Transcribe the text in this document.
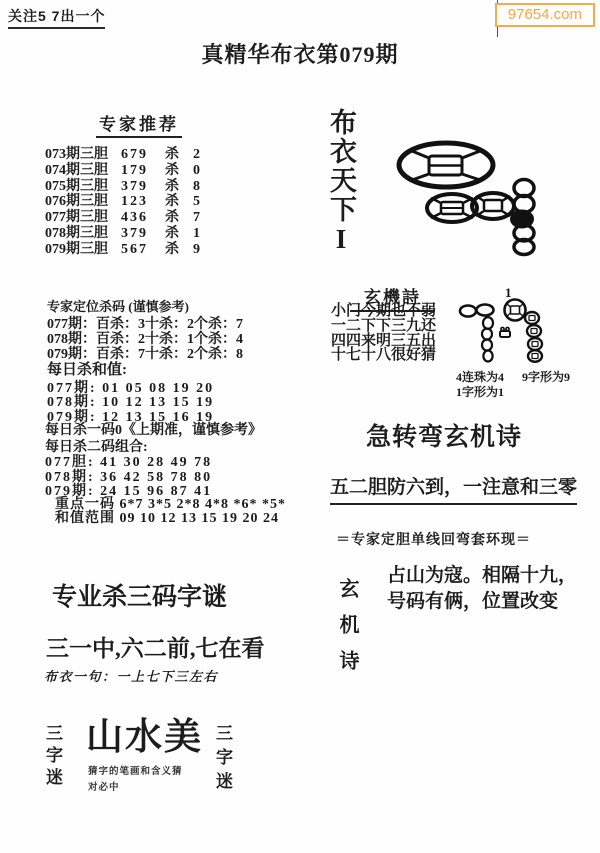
关注5 7出一个	97654.com
真精华布衣第079期
专家推荐
073期三胆 679	杀	2
074期三胆 179	杀	0
075期三胆 379	杀	8
076期三胆 123	杀	5
077期三胆 436	杀	7
078期三胆 379	杀	1
079期三胆 567	杀	9
专家定位杀码 (谨慎参考)
077期：百杀：3十杀：2个杀：7
078期：百杀：2十杀：1个杀：4
079期：百杀：7十杀：2个杀：8
每日杀和值:
077期: 01 05 08 19 20
078期: 10 12 13 15 19
079期: 12 13 15 16 19
每日杀一码0《上期准，谨慎参考》
每日杀二码组合:
077胆: 41 30 28 49 78
078期: 36 42 58 78 80
079期: 24 15 96 87 41
重点一码 6*7 3*5 2*8 4*8 *6* *5*
和值范围 09 10 12 13 15 19 20 24
专业杀三码字谜
三一中,六二前,七在看
布衣一句：一上七下三左右
三字迷 山水美 三字迷
猜字的笔画和含义猜
对必中
布衣天下I
玄機詩
小门今期也不弱
一二下下三九还
四四来明三五出
十七十八很好猜
1
4连珠为4 9字形为9
1字形为1
急转弯玄机诗
五二胆防六到，一注意和三零
＝专家定胆单线回弯套环现＝
玄机诗
占山为寇。相隔十九，
号码有俩，位置改变
